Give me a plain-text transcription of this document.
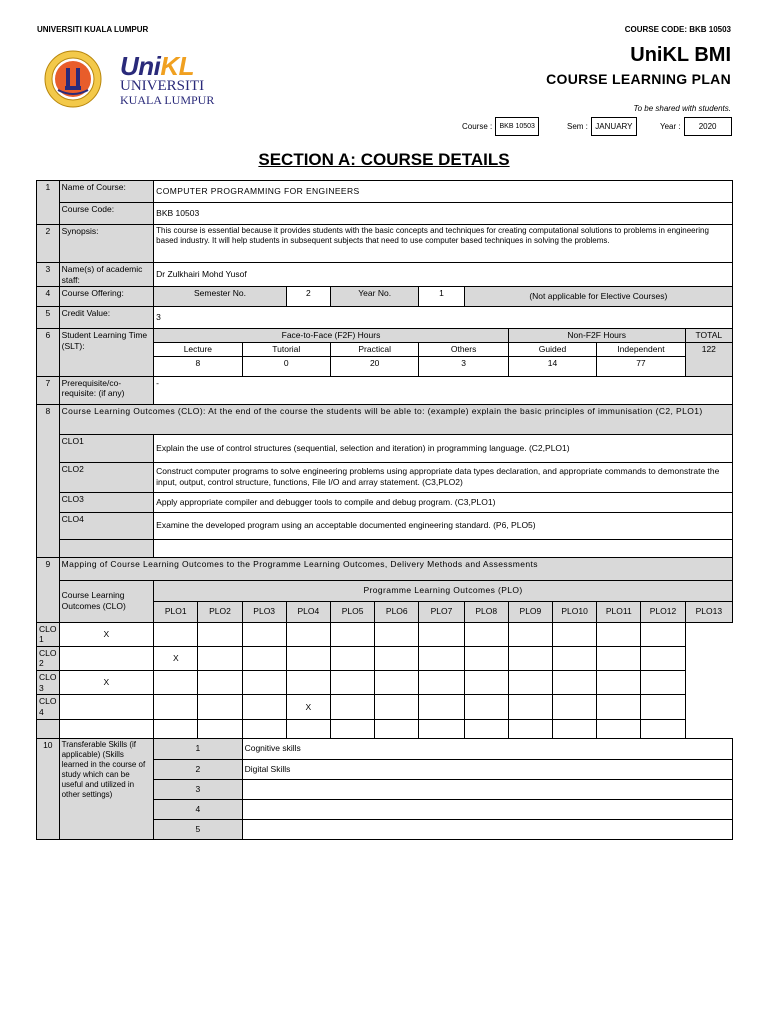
UNIVERSITI KUALA LUMPUR	COURSE CODE: BKB 10503
UniKL
UNIVERSITI
KUALA LUMPUR
UniKL BMI
COURSE LEARNING PLAN
To be shared with students.
Course :	BKB 10503	Sem : JANUARY	Year :	2020
SECTION A: COURSE DETAILS
1	Name of Course:	COMPUTER PROGRAMMING FOR ENGINEERS												
	Course Code:	BKB 10503												
2	Synopsis:	This course is essential because it provides students with the basic concepts and techniques for creating computational solutions to problems in engineering based industry. It will help students in subsequent subjects that need to use computer based techniques in solving the problems.												
3	Name(s) of academic staff:	Dr Zulkhairi Mohd Yusof												
4	Course Offering:	Semester No.			2	Year No.		1	(Not applicable for Elective Courses)					
5	Credit Value:	3												
6	Student Learning Time (SLT):	Face-to-Face (F2F) Hours								Non-F2F Hours				TOTAL
		Lecture		Tutorial		Practical		Others		Guided		Independent		122
		8		0		20		3		14		77		
7	Prerequisite/co-requisite: (if any)	-												
8	Course Learning Outcomes (CLO): At the end of the course the students will be able to: (example) explain the basic principles of immunisation (C2, PLO1)													
	CLO1	Explain the use of control structures (sequential, selection and iteration) in programming language. (C2,PLO1)												
	CLO2	Construct computer programs to solve engineering problems using appropriate data types declaration, and appropriate commands to demonstrate the input, output, control structure, functions, File I/O and array statement. (C3,PLO2)												
	CLO3	Apply appropriate compiler and debugger tools to compile and debug program. (C3,PLO1)												
	CLO4	Examine the developed program using an acceptable documented engineering standard. (P6, PLO5)												

9	Mapping of Course Learning Outcomes to the Programme Learning Outcomes, Delivery Methods and Assessments													
	Course Learning Outcomes (CLO)	Programme Learning Outcomes (PLO)												
		PLO1	PLO2	PLO3	PLO4	PLO5	PLO6	PLO7	PLO8	PLO9	PLO10	PLO11	PLO12	PLO13
CLO 1	X													
CLO 2		X												
CLO 3	X													
CLO 4					X									

10	Transferable Skills (if applicable) (Skills learned in the course of study which can be useful and utilized in other settings)	1		Cognitive skills										
		2		Digital Skills										
		3												
		4												
		5												
